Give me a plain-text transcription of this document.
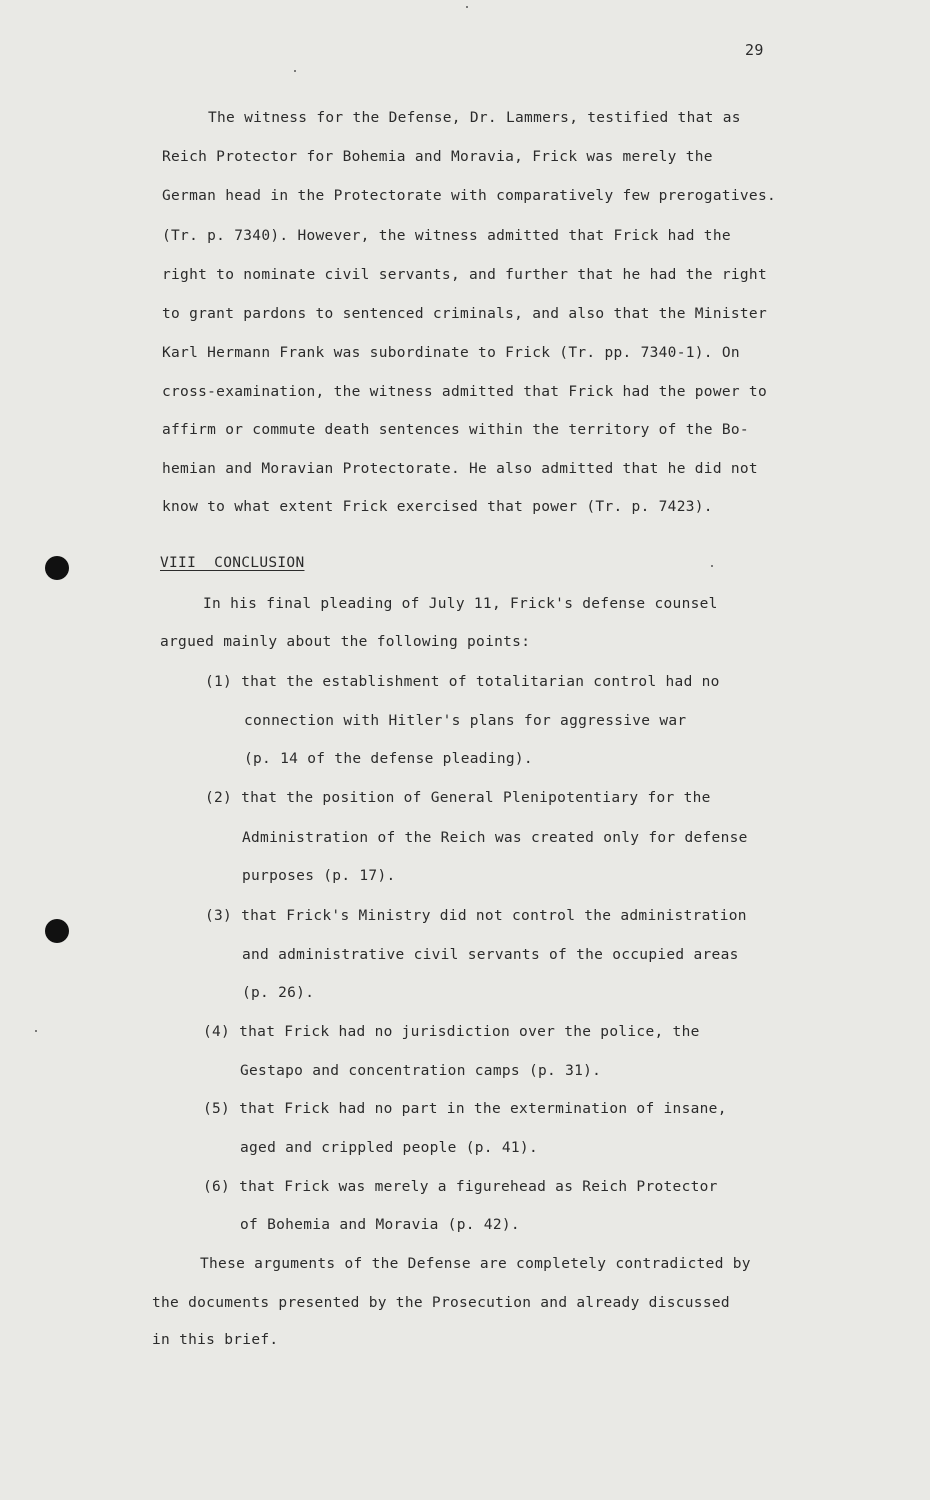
29
The witness for the Defense, Dr. Lammers, testified that as
Reich Protector for Bohemia and Moravia, Frick was merely the
German head in the Protectorate with comparatively few prerogatives.
(Tr. p. 7340). However, the witness admitted that Frick had the
right to nominate civil servants, and further that he had the right
to grant pardons to sentenced criminals, and also that the Minister
Karl Hermann Frank was subordinate to Frick (Tr. pp. 7340-1). On
cross-examination, the witness admitted that Frick had the power to
affirm or commute death sentences within the territory of the Bo-
hemian and Moravian Protectorate. He also admitted that he did not
know to what extent Frick exercised that power (Tr. p. 7423).
VIII  CONCLUSION
In his final pleading of July 11, Frick's defense counsel
argued mainly about the following points:
(1) that the establishment of totalitarian control had no
connection with Hitler's plans for aggressive war
(p. 14 of the defense pleading).
(2) that the position of General Plenipotentiary for the
Administration of the Reich was created only for defense
purposes (p. 17).
(3) that Frick's Ministry did not control the administration
and administrative civil servants of the occupied areas
(p. 26).
(4) that Frick had no jurisdiction over the police, the
Gestapo and concentration camps (p. 31).
(5) that Frick had no part in the extermination of insane,
aged and crippled people (p. 41).
(6) that Frick was merely a figurehead as Reich Protector
of Bohemia and Moravia (p. 42).
These arguments of the Defense are completely contradicted by
the documents presented by the Prosecution and already discussed
in this brief.
